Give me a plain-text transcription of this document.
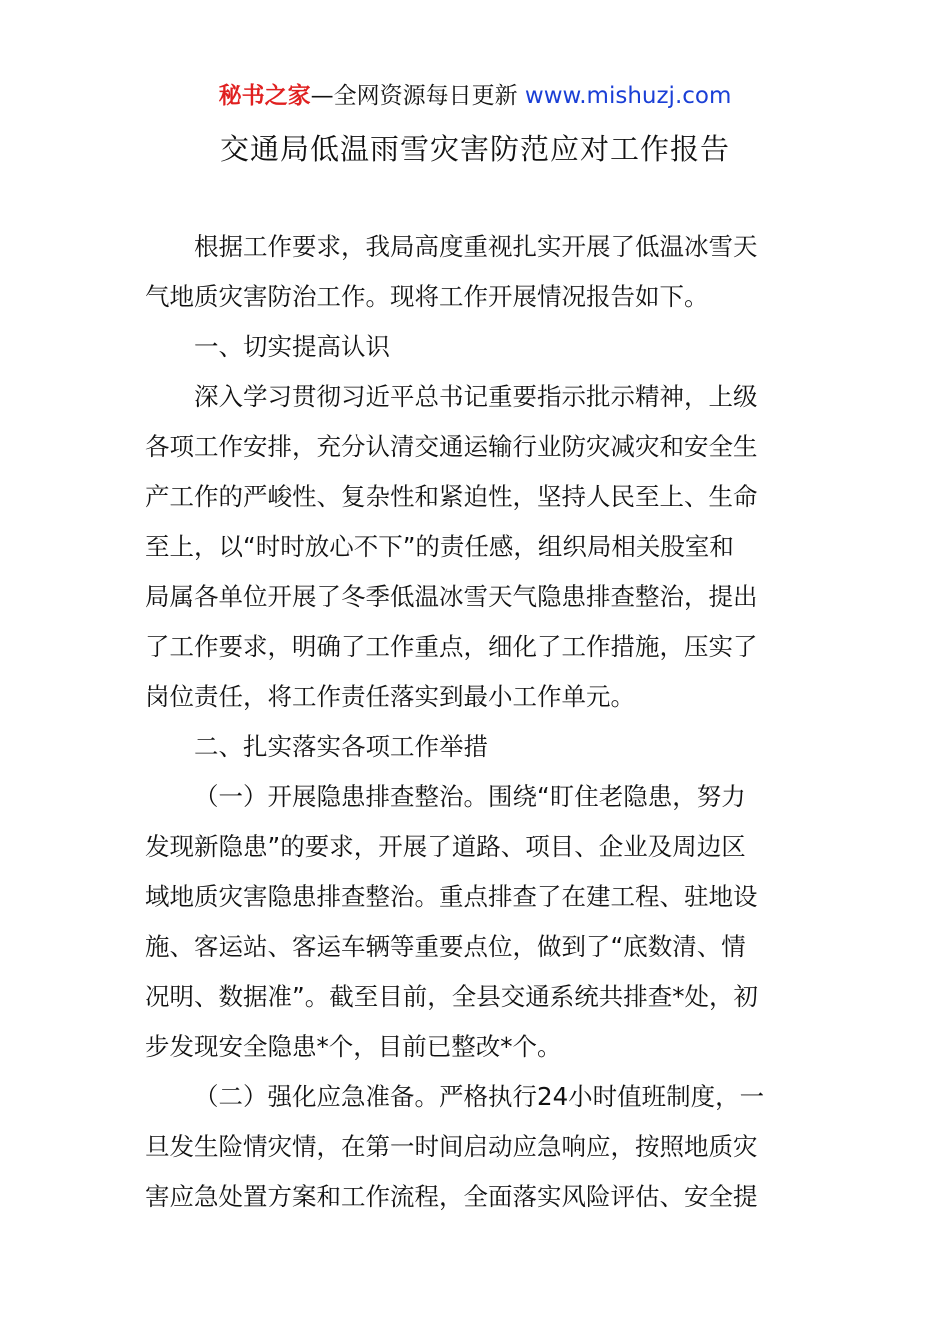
秘书之家—全网资源每日更新 www.mishuzj.com
交通局低温雨雪灾害防范应对工作报告
根据工作要求，我局高度重视扎实开展了低温冰雪天
气地质灾害防治工作。现将工作开展情况报告如下。
一、切实提高认识
深入学习贯彻习近平总书记重要指示批示精神，上级
各项工作安排，充分认清交通运输行业防灾减灾和安全生
产工作的严峻性、复杂性和紧迫性，坚持人民至上、生命
至上，以“时时放心不下”的责任感，组织局相关股室和
局属各单位开展了冬季低温冰雪天气隐患排查整治，提出
了工作要求，明确了工作重点，细化了工作措施，压实了
岗位责任，将工作责任落实到最小工作单元。
二、扎实落实各项工作举措
（一）开展隐患排查整治。围绕“盯住老隐患，努力
发现新隐患”的要求，开展了道路、项目、企业及周边区
域地质灾害隐患排查整治。重点排查了在建工程、驻地设
施、客运站、客运车辆等重要点位，做到了“底数清、情
况明、数据准”。截至目前，全县交通系统共排查*处，初
步发现安全隐患*个，目前已整改*个。
（二）强化应急准备。严格执行24小时值班制度，一
旦发生险情灾情，在第一时间启动应急响应，按照地质灾
害应急处置方案和工作流程，全面落实风险评估、安全提
